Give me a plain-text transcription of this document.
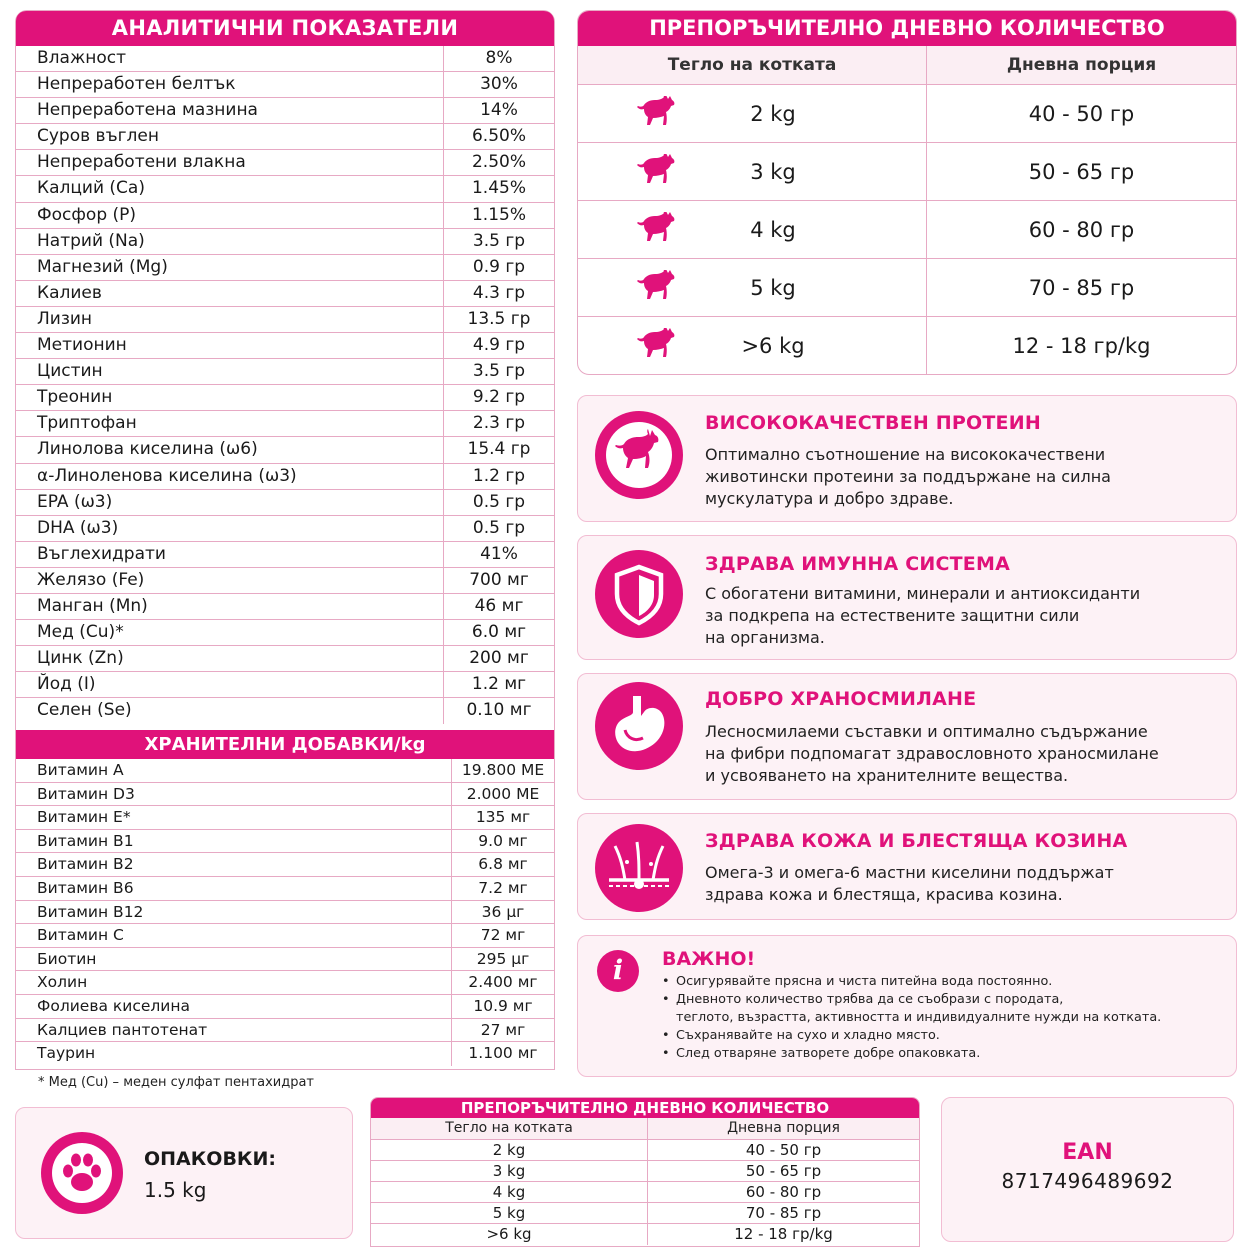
АНАЛИТИЧНИ ПОКАЗАТЕЛИ
Влажност	8%
Непреработен белтък	30%
Непреработена мазнина	14%
Суров въглен	6.50%
Непреработени влакна	2.50%
Калций (Ca)	1.45%
Фосфор (P)	1.15%
Натрий (Na)	3.5 гр
Магнезий (Mg)	0.9 гр
Калиев	4.3 гр
Лизин	13.5 гр
Метионин	4.9 гр
Цистин	3.5 гр
Треонин	9.2 гр
Триптофан	2.3 гр
Линолова киселина (ω6)	15.4 гр
α-Линоленова киселина (ω3)	1.2 гр
EPA (ω3)	0.5 гр
DHA (ω3)	0.5 гр
Въглехидрати	41%
Желязо (Fe)	700 мг
Манган (Mn)	46 мг
Мед (Cu)*	6.0 мг
Цинк (Zn)	200 мг
Йод (I)	1.2 мг
Селен (Se)	0.10 мг
ХРАНИТЕЛНИ ДОБАВКИ/kg
Витамин А	19.800 МЕ
Витамин D3	2.000 МЕ
Витамин Е*	135 мг
Витамин B1	9.0 мг
Витамин B2	6.8 мг
Витамин B6	7.2 мг
Витамин B12	36 μг
Витамин C	72 мг
Биотин	295 μг
Холин	2.400 мг
Фолиева киселина	10.9 мг
Калциев пантотенат	27 мг
Таурин	1.100 мг
* Мед (Cu) – меден сулфат пентахидрат
ПРЕПОРЪЧИТЕЛНО ДНЕВНО КОЛИЧЕСТВО
Тегло на котката	Дневна порция
2 kg	40 - 50 гр
3 kg	50 - 65 гр
4 kg	60 - 80 гр
5 kg	70 - 85 гр
>6 kg	12 - 18 гр/kg
ВИСОКОКАЧЕСТВЕН ПРОТЕИН
Оптимално съотношение на висококачествени
животински протеини за поддържане на силна
мускулатура и добро здраве.
ЗДРАВА ИМУННА СИСТЕМА
С обогатени витамини, минерали и антиоксиданти
за подкрепа на естествените защитни сили
на организма.
ДОБРО ХРАНОСМИЛАНЕ
Лесносмилаеми съставки и оптимално съдържание
на фибри подпомагат здравословното храносмилане
и усвояването на хранителните вещества.
ЗДРАВА КОЖА И БЛЕСТЯЩА КОЗИНА
Омега-3 и омега-6 мастни киселини поддържат
здрава кожа и блестяща, красива козина.
i	ВАЖНО!
• Осигурявайте прясна и чиста питейна вода постоянно.
• Дневното количество трябва да се съобрази с породата,
теглото, възрастта, активността и индивидуалните нужди на котката.
• Съхранявайте на сухо и хладно място.
• След отваряне затворете добре опаковката.
ОПАКОВКИ:
1.5 kg
ПРЕПОРЪЧИТЕЛНО ДНЕВНО КОЛИЧЕСТВО
Тегло на котката	Дневна порция
2 kg	40 - 50 гр
3 kg	50 - 65 гр
4 kg	60 - 80 гр
5 kg	70 - 85 гр
>6 kg	12 - 18 гр/kg
EAN
8717496489692
